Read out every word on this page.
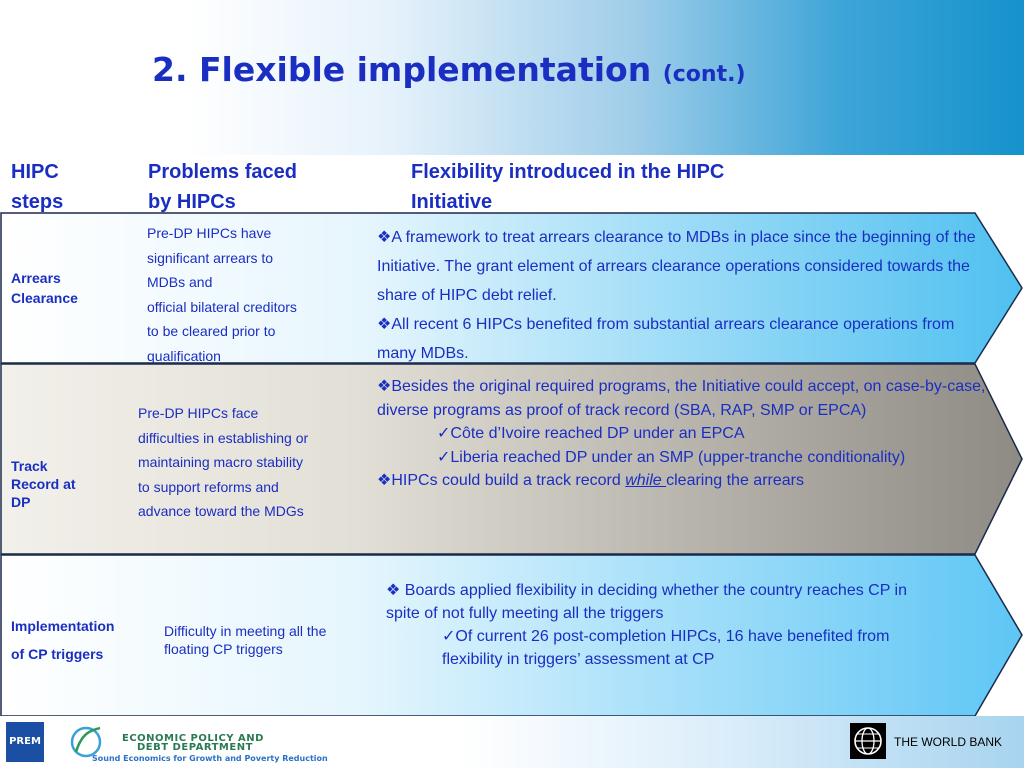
2. Flexible implementation (cont.)
HIPC
steps
Problems faced
by HIPCs
Flexibility introduced in the HIPC
Initiative
Arrears
Clearance
Pre-DP HIPCs have
significant arrears to
MDBs and
official bilateral creditors
to be cleared prior to
qualification

❖A framework to treat arrears clearance to MDBs in place since the beginning of the Initiative. The grant element of arrears clearance operations considered towards the share of HIPC debt relief.

❖All recent 6 HIPCs benefited from substantial arrears clearance operations from many MDBs.

Track
Record at
DP
Pre-DP HIPCs face
difficulties in establishing or
maintaining macro stability
to support reforms and
advance toward the MDGs

❖Besides the original required programs, the Initiative could accept, on case-by-case, diverse programs as proof of track record (SBA, RAP, SMP or EPCA)

✓Côte d’Ivoire reached DP under an EPCA

✓Liberia reached DP under an SMP (upper-tranche conditionality)

❖HIPCs could build a track record while clearing the arrears

Implementation
of CP triggers
Difficulty in meeting all the
floating CP triggers

❖ Boards applied flexibility in deciding whether the country reaches CP in spite of not fully meeting all the triggers

✓Of current 26 post-completion HIPCs, 16 have benefited from flexibility in triggers’ assessment at CP

PREM	ECONOMIC POLICY AND
DEBT DEPARTMENT
Sound Economics for Growth and Poverty Reduction
THE WORLD BANK
